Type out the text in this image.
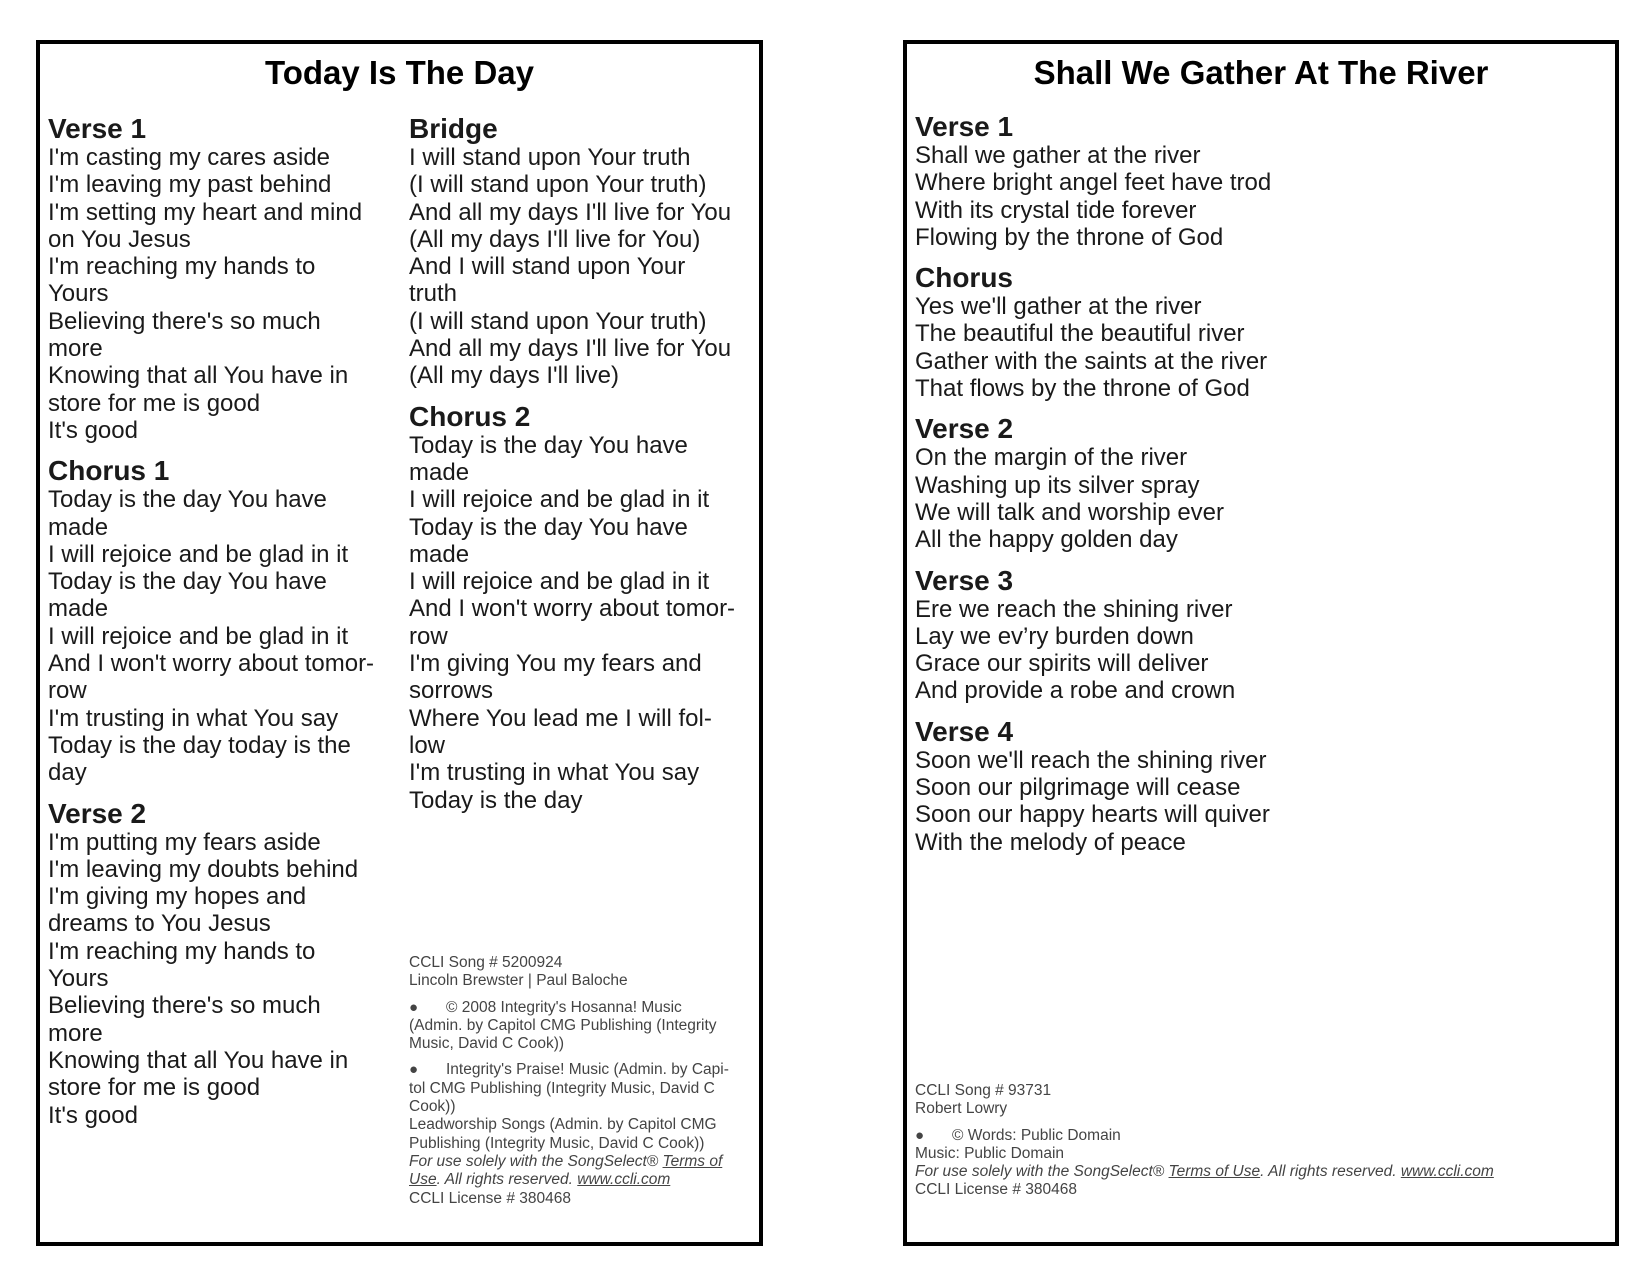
Today Is The Day
Verse 1
I'm casting my cares aside
I'm leaving my past behind
I'm setting my heart and mind
on You Jesus
I'm reaching my hands to
Yours
Believing there's so much
more
Knowing that all You have in
store for me is good
It's good
Chorus 1
Today is the day You have
made
I will rejoice and be glad in it
Today is the day You have
made
I will rejoice and be glad in it
And I won't worry about tomor-
row
I'm trusting in what You say
Today is the day today is the
day
Verse 2
I'm putting my fears aside
I'm leaving my doubts behind
I'm giving my hopes and
dreams to You Jesus
I'm reaching my hands to
Yours
Believing there's so much
more
Knowing that all You have in
store for me is good
It's good
Bridge
I will stand upon Your truth
(I will stand upon Your truth)
And all my days I'll live for You
(All my days I'll live for You)
And I will stand upon Your
truth
(I will stand upon Your truth)
And all my days I'll live for You
(All my days I'll live)
Chorus 2
Today is the day You have
made
I will rejoice and be glad in it
Today is the day You have
made
I will rejoice and be glad in it
And I won't worry about tomor-
row
I'm giving You my fears and
sorrows
Where You lead me I will fol-
low
I'm trusting in what You say
Today is the day
CCLI Song # 5200924
Lincoln Brewster | Paul Baloche
●	© 2008 Integrity's Hosanna! Music
(Admin. by Capitol CMG Publishing (Integrity
Music, David C Cook))
●	Integrity's Praise! Music (Admin. by Capi-
tol CMG Publishing (Integrity Music, David C
Cook))
Leadworship Songs (Admin. by Capitol CMG
Publishing (Integrity Music, David C Cook))
For use solely with the SongSelect® Terms of
Use. All rights reserved. www.ccli.com
CCLI License # 380468
Shall We Gather At The River
Verse 1
Shall we gather at the river
Where bright angel feet have trod
With its crystal tide forever
Flowing by the throne of God
Chorus
Yes we'll gather at the river
The beautiful the beautiful river
Gather with the saints at the river
That flows by the throne of God
Verse 2
On the margin of the river
Washing up its silver spray
We will talk and worship ever
All the happy golden day
Verse 3
Ere we reach the shining river
Lay we ev’ry burden down
Grace our spirits will deliver
And provide a robe and crown
Verse 4
Soon we'll reach the shining river
Soon our pilgrimage will cease
Soon our happy hearts will quiver
With the melody of peace
CCLI Song # 93731
Robert Lowry
●	© Words: Public Domain
Music: Public Domain
For use solely with the SongSelect® Terms of Use. All rights reserved. www.ccli.com
CCLI License # 380468
